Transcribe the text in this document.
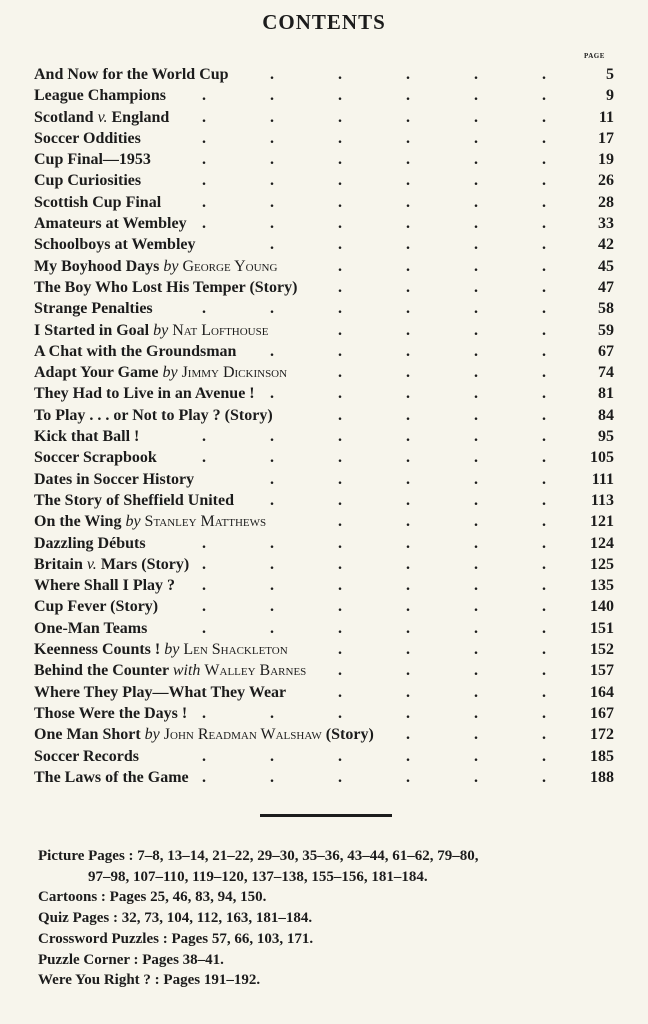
CONTENTS
PAGE
And Now for the World Cup	.	.	.	.	.	5
League Champions .	.	.	.	.	.	9
Scotland v. England .	.	.	.	.	.	11
Soccer Oddities	.	.	.	.	.	.	17
Cup Final—1953	.	.	.	.	.	.	19
Cup Curiosities	.	.	.	.	.	.	26
Scottish Cup Final	.	.	.	.	.	.	28
Amateurs at Wembley .	.	.	.	.	.	33
Schoolboys at Wembley	.	.	.	.	.	42
My Boyhood Days by George Young	.	.	.	.	45
The Boy Who Lost His Temper (Story)	.	.	.	.	47
Strange Penalties	.	.	.	.	.	.	58
I Started in Goal by Nat Lofthouse	.	.	.	.	59
A Chat with the Groundsman .	.	.	.	.	67
Adapt Your Game by Jimmy Dickinson	.	.	.	.	74
They Had to Live in an Avenue ! .	.	.	.	.	81
To Play . . . or Not to Play ? (Story)	.	.	.	.	84
Kick that Ball !	.	.	.	.	.	.	95
Soccer Scrapbook	.	.	.	.	.	.	105
Dates in Soccer History	.	.	.	.	.	111
The Story of Sheffield United .	.	.	.	.	113
On the Wing by Stanley Matthews	.	.	.	.	121
Dazzling Débuts	.	.	.	.	.	.	124
Britain v. Mars (Story) .	.	.	.	.	.	125
Where Shall I Play ? .	.	.	.	.	.	135
Cup Fever (Story)	.	.	.	.	.	.	140
One-Man Teams	.	.	.	.	.	.	151
Keenness Counts ! by Len Shackleton	.	.	.	.	152
Behind the Counter with Walley Barnes .	.	.	.	157
Where They Play—What They Wear	.	.	.	.	164
Those Were the Days ! .	.	.	.	.	.	167
One Man Short by John Readman Walshaw (Story) .	.	.	172
Soccer Records	.	.	.	.	.	.	185
The Laws of the Game .	.	.	.	.	.	188
Picture Pages : 7–8, 13–14, 21–22, 29–30, 35–36, 43–44, 61–62, 79–80,
97–98, 107–110, 119–120, 137–138, 155–156, 181–184.
Cartoons : Pages 25, 46, 83, 94, 150.
Quiz Pages : 32, 73, 104, 112, 163, 181–184.
Crossword Puzzles : Pages 57, 66, 103, 171.
Puzzle Corner : Pages 38–41.
Were You Right ? : Pages 191–192.
